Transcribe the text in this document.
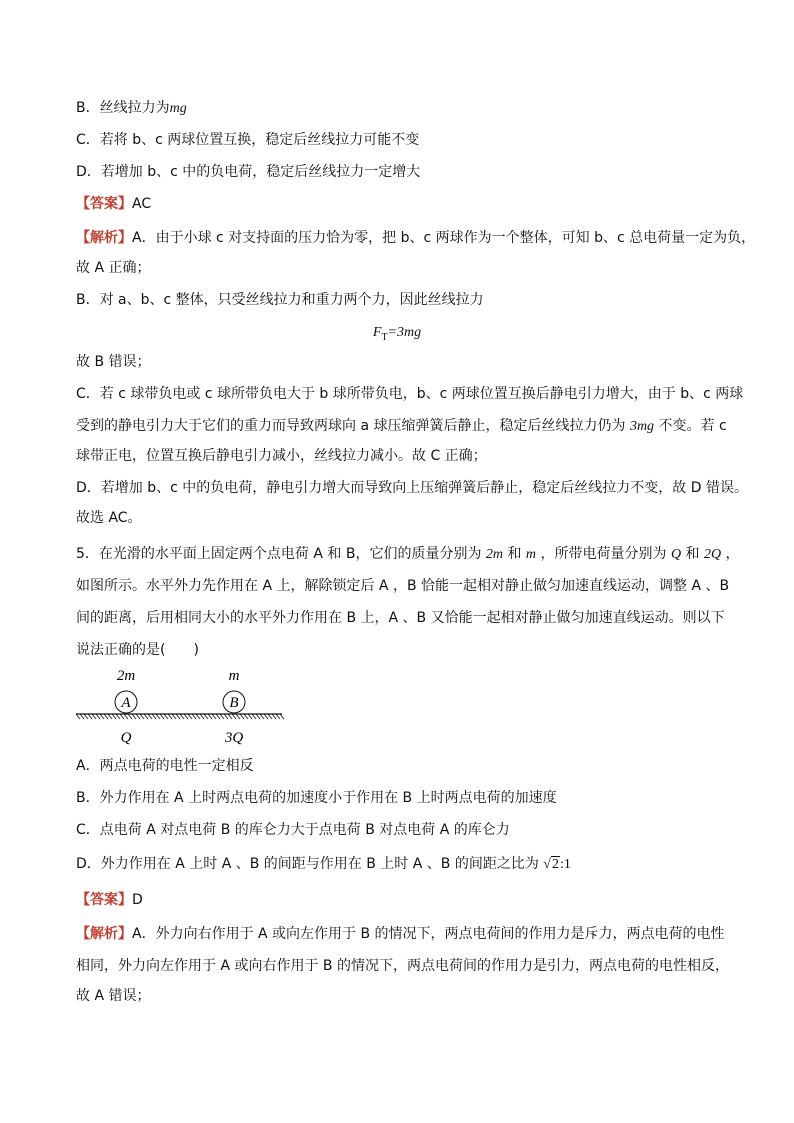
B．丝线拉力为mg
C．若将 b、c 两球位置互换，稳定后丝线拉力可能不变
D．若增加 b、c 中的负电荷，稳定后丝线拉力一定增大
【答案】AC
【解析】A．由于小球 c 对支持面的压力恰为零，把 b、c 两球作为一个整体，可知 b、c 总电荷量一定为负，
故 A 正确；
B．对 a、b、c 整体，只受丝线拉力和重力两个力，因此丝线拉力
$F_T=3mg$
故 B 错误；
C．若 c 球带负电或 c 球所带负电大于 b 球所带负电，b、c 两球位置互换后静电引力增大，由于 b、c 两球
受到的静电引力大于它们的重力而导致两球向 a 球压缩弹簧后静止，稳定后丝线拉力仍为 3mg 不变。若 c
球带正电，位置互换后静电引力减小，丝线拉力减小。故 C 正确；
D．若增加 b、c 中的负电荷，静电引力增大而导致向上压缩弹簧后静止，稳定后丝线拉力不变，故 D 错误。
故选 AC。
5．在光滑的水平面上固定两个点电荷 A 和 B，它们的质量分别为 2m 和 m ，所带电荷量分别为 Q 和 2Q ，
如图所示。水平外力先作用在 A 上，解除锁定后 A ，B 恰能一起相对静止做匀加速直线运动，调整 A 、B
间的距离，后用相同大小的水平外力作用在 B 上，A 、B 又恰能一起相对静止做匀加速直线运动。则以下
说法正确的是(　　)
2m	m
A	B
Q	3Q
A．两点电荷的电性一定相反
B．外力作用在 A 上时两点电荷的加速度小于作用在 B 上时两点电荷的加速度
C．点电荷 A 对点电荷 B 的库仑力大于点电荷 B 对点电荷 A 的库仑力
D．外力作用在 A 上时 A 、B 的间距与作用在 B 上时 A 、B 的间距之比为 √2:1
【答案】D
【解析】A．外力向右作用于 A 或向左作用于 B 的情况下，两点电荷间的作用力是斥力，两点电荷的电性
相同，外力向左作用于 A 或向右作用于 B 的情况下，两点电荷间的作用力是引力，两点电荷的电性相反，
故 A 错误；
